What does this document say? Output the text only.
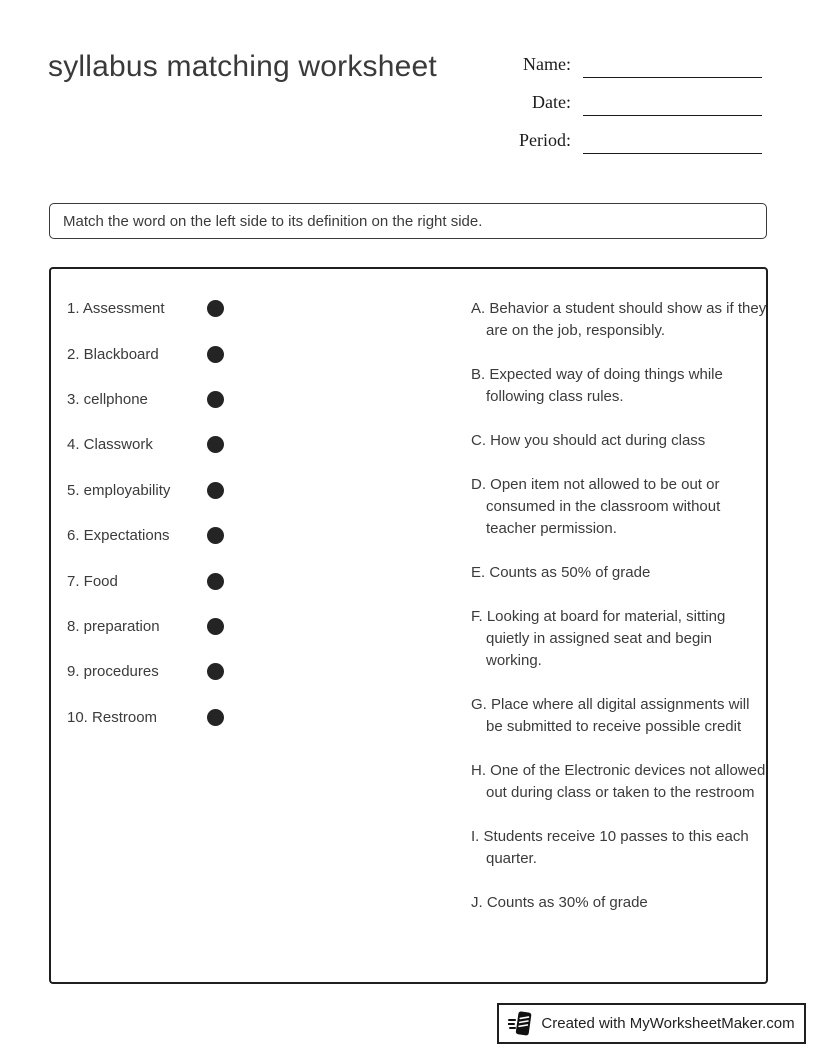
syllabus matching worksheet	Name:
Date:
Period:
Match the word on the left side to its definition on the right side.
1. Assessment
2. Blackboard
3. cellphone
4. Classwork
5. employability
6. Expectations
7. Food
8. preparation
9. procedures
10. Restroom

A. Behavior a student should show as if they are on the job, responsibly.

B. Expected way of doing things while following class rules.

C. How you should act during class

D. Open item not allowed to be out or consumed in the classroom without teacher permission.

E. Counts as 50% of grade

F. Looking at board for material, sitting quietly in assigned seat and begin working.

G. Place where all digital assignments will be submitted to receive possible credit

H. One of the Electronic devices not allowed out during class or taken to the restroom

I. Students receive 10 passes to this each quarter.

J. Counts as 30% of grade

Created with MyWorksheetMaker.com
